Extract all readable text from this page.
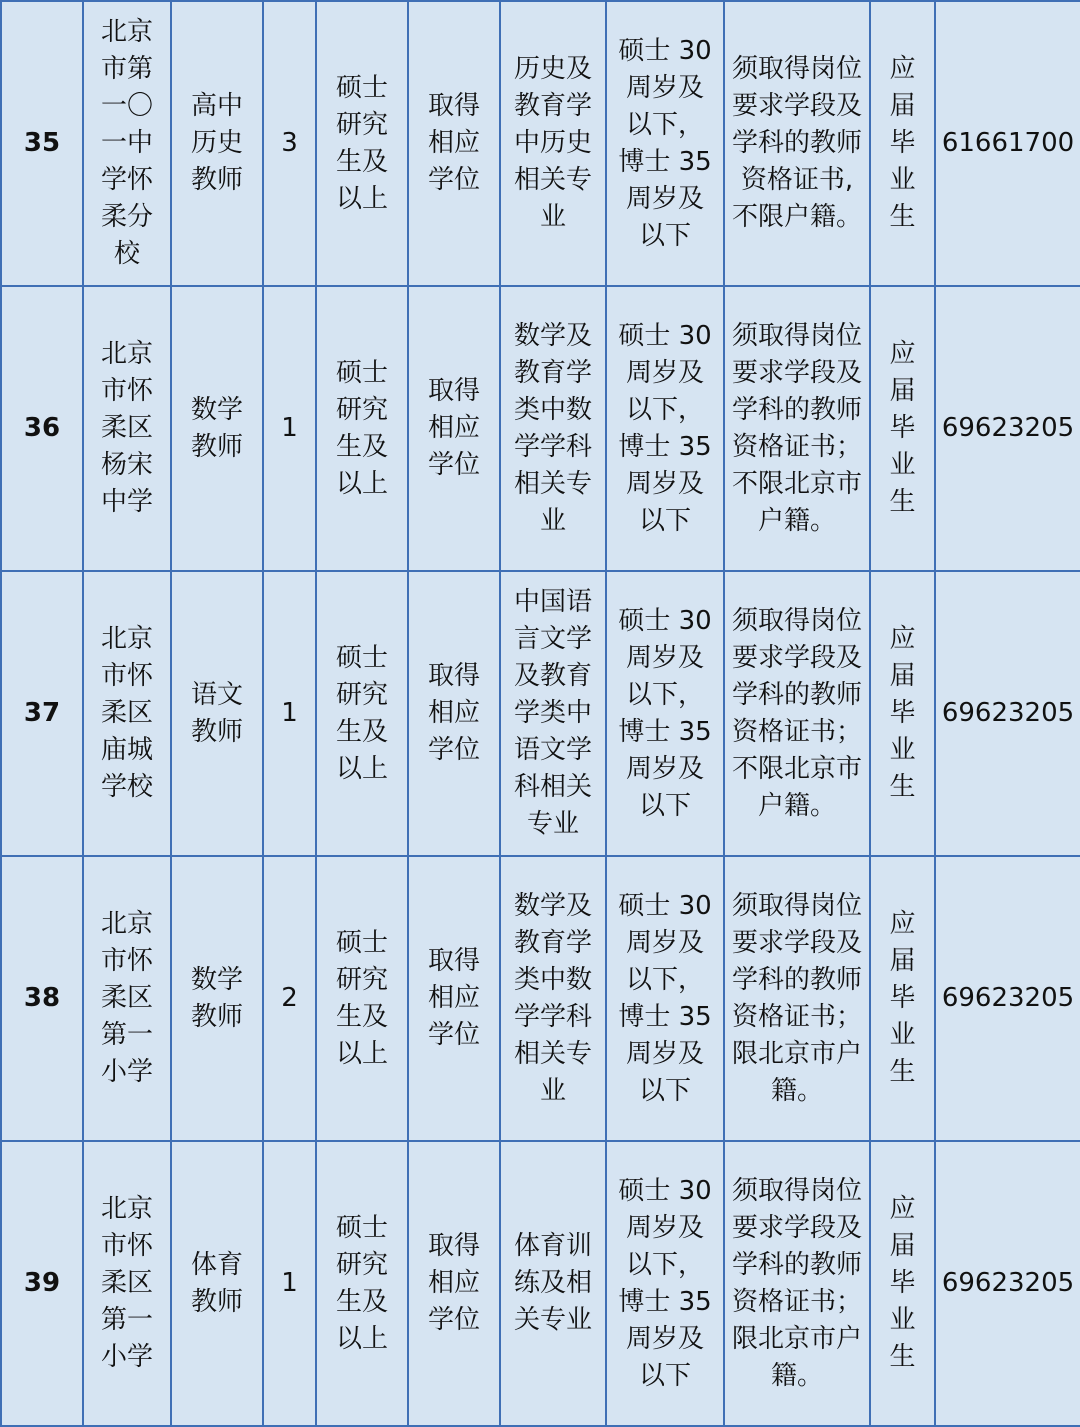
35	北京市第一〇一中学怀柔分校	高中历史教师	3	硕士研究生及以上	取得相应学位	历史及教育学中历史相关专业	硕士 30 周岁及以下，博士 35 周岁及以下	须取得岗位要求学段及学科的教师资格证书,不限户籍。	应届毕业生	61661700
36	北京市怀柔区杨宋中学	数学教师	1	硕士研究生及以上	取得相应学位	数学及教育学类中数学学科相关专业	硕士 30 周岁及以下，博士 35 周岁及以下	须取得岗位要求学段及学科的教师资格证书；不限北京市户籍。	应届毕业生	69623205
37	北京市怀柔区庙城学校	语文教师	1	硕士研究生及以上	取得相应学位	中国语言文学及教育学类中语文学科相关专业	硕士 30 周岁及以下，博士 35 周岁及以下	须取得岗位要求学段及学科的教师资格证书；不限北京市户籍。	应届毕业生	69623205
38	北京市怀柔区第一小学	数学教师	2	硕士研究生及以上	取得相应学位	数学及教育学类中数学学科相关专业	硕士 30 周岁及以下，博士 35 周岁及以下	须取得岗位要求学段及学科的教师资格证书；限北京市户籍。	应届毕业生	69623205
39	北京市怀柔区第一小学	体育教师	1	硕士研究生及以上	取得相应学位	体育训练及相关专业	硕士 30 周岁及以下，博士 35 周岁及以下	须取得岗位要求学段及学科的教师资格证书；限北京市户籍。	应届毕业生	69623205
